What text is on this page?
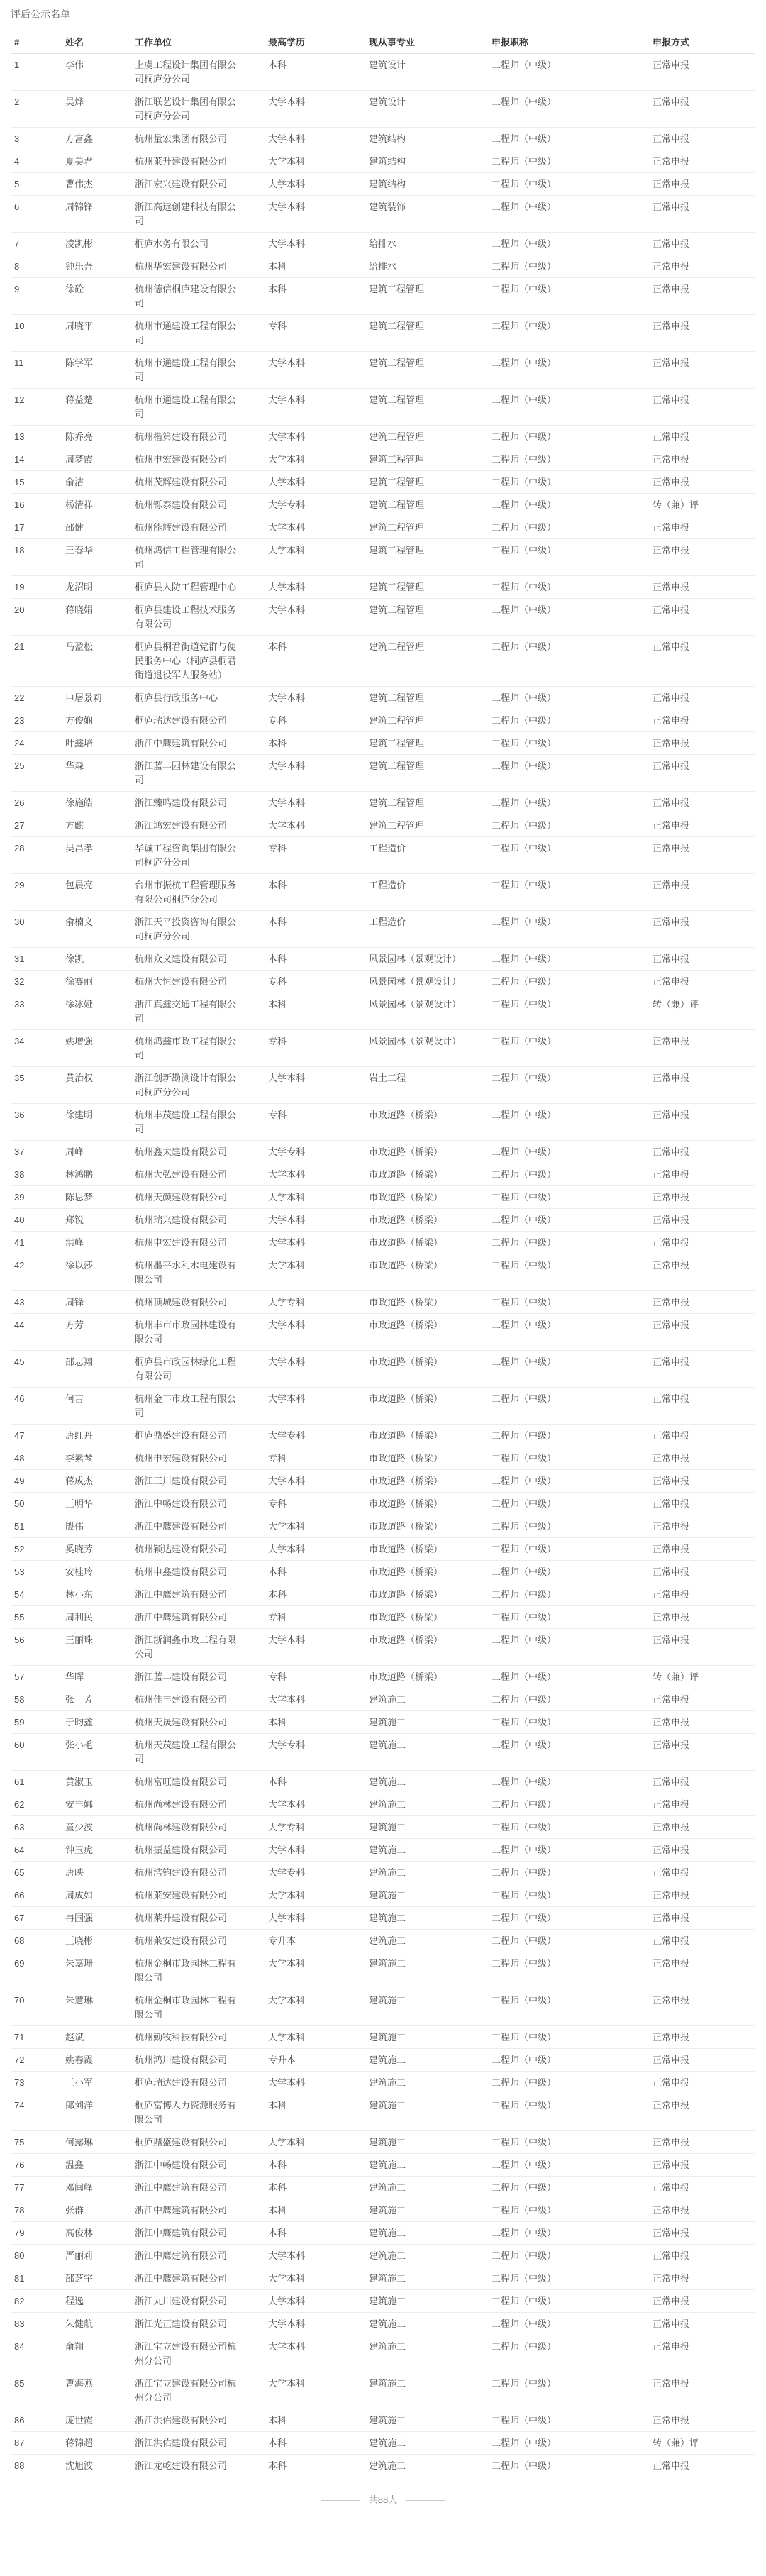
评后公示名单
#	姓名	工作单位	最高学历	现从事专业	申报职称	申报方式
1	李伟	上虞工程设计集团有限公司桐庐分公司	本科	建筑设计	工程师（中级）	正常申报
2	吴烨	浙江联艺设计集团有限公司桐庐分公司	大学本科	建筑设计	工程师（中级）	正常申报
3	方富鑫	杭州量宏集团有限公司	大学本科	建筑结构	工程师（中级）	正常申报
4	夏美君	杭州莱升建设有限公司	大学本科	建筑结构	工程师（中级）	正常申报
5	曹伟杰	浙江宏兴建设有限公司	大学本科	建筑结构	工程师（中级）	正常申报
6	周锦锋	浙江高远创建科技有限公司	大学本科	建筑装饰	工程师（中级）	正常申报
7	凌凯彬	桐庐水务有限公司	大学本科	给排水	工程师（中级）	正常申报
8	钟乐吾	杭州华宏建设有限公司	本科	给排水	工程师（中级）	正常申报
9	徐砼	杭州德信桐庐建设有限公司	本科	建筑工程管理	工程师（中级）	正常申报
10	周晓平	杭州市通建设工程有限公司	专科	建筑工程管理	工程师（中级）	正常申报
11	陈学军	杭州市通建设工程有限公司	大学本科	建筑工程管理	工程师（中级）	正常申报
12	蒋益楚	杭州市通建设工程有限公司	大学本科	建筑工程管理	工程师（中级）	正常申报
13	陈乔亮	杭州楷第建设有限公司	大学本科	建筑工程管理	工程师（中级）	正常申报
14	周梦霞	杭州申宏建设有限公司	大学本科	建筑工程管理	工程师（中级）	正常申报
15	俞洁	杭州茂辉建设有限公司	大学本科	建筑工程管理	工程师（中级）	正常申报
16	杨清祥	杭州铄泰建设有限公司	大学专科	建筑工程管理	工程师（中级）	转（兼）评
17	邵健	杭州能辉建设有限公司	大学本科	建筑工程管理	工程师（中级）	正常申报
18	王春华	杭州鸿信工程管理有限公司	大学本科	建筑工程管理	工程师（中级）	正常申报
19	龙沼明	桐庐县人防工程管理中心	大学本科	建筑工程管理	工程师（中级）	正常申报
20	蒋晓娟	桐庐县建设工程技术服务有限公司	大学本科	建筑工程管理	工程师（中级）	正常申报
21	马盈松	桐庐县桐君街道党群与便民服务中心（桐庐县桐君街道退役军人服务站）	本科	建筑工程管理	工程师（中级）	正常申报
22	申屠景莉	桐庐县行政服务中心	大学本科	建筑工程管理	工程师（中级）	正常申报
23	方俊娴	桐庐瑞达建设有限公司	专科	建筑工程管理	工程师（中级）	正常申报
24	叶鑫培	浙江中鹰建筑有限公司	本科	建筑工程管理	工程师（中级）	正常申报
25	华森	浙江蓝丰园林建设有限公司	大学本科	建筑工程管理	工程师（中级）	正常申报
26	徐施皓	浙江臻鸣建设有限公司	大学本科	建筑工程管理	工程师（中级）	正常申报
27	方麒	浙江鸿宏建设有限公司	大学本科	建筑工程管理	工程师（中级）	正常申报
28	吴昌孝	华诚工程咨询集团有限公司桐庐分公司	专科	工程造价	工程师（中级）	正常申报
29	包晨亮	台州市振杭工程管理服务有限公司桐庐分公司	本科	工程造价	工程师（中级）	正常申报
30	俞楠文	浙江天平投资咨询有限公司桐庐分公司	本科	工程造价	工程师（中级）	正常申报
31	徐凯	杭州众义建设有限公司	本科	风景园林（景观设计）	工程师（中级）	正常申报
32	徐赛丽	杭州大恒建设有限公司	专科	风景园林（景观设计）	工程师（中级）	正常申报
33	徐冰娅	浙江真鑫交通工程有限公司	本科	风景园林（景观设计）	工程师（中级）	转（兼）评
34	姚增强	杭州鸿鑫市政工程有限公司	专科	风景园林（景观设计）	工程师（中级）	正常申报
35	黄治权	浙江创新勘测设计有限公司桐庐分公司	大学本科	岩土工程	工程师（中级）	正常申报
36	徐建明	杭州丰茂建设工程有限公司	专科	市政道路（桥梁）	工程师（中级）	正常申报
37	周峰	杭州鑫太建设有限公司	大学专科	市政道路（桥梁）	工程师（中级）	正常申报
38	林鸿鹏	杭州大弘建设有限公司	大学本科	市政道路（桥梁）	工程师（中级）	正常申报
39	陈思梦	杭州天颜建设有限公司	大学本科	市政道路（桥梁）	工程师（中级）	正常申报
40	郑锐	杭州瑞兴建设有限公司	大学本科	市政道路（桥梁）	工程师（中级）	正常申报
41	洪峰	杭州申宏建设有限公司	大学本科	市政道路（桥梁）	工程师（中级）	正常申报
42	徐以莎	杭州墨平水利水电建设有限公司	大学本科	市政道路（桥梁）	工程师（中级）	正常申报
43	周锋	杭州顶城建设有限公司	大学专科	市政道路（桥梁）	工程师（中级）	正常申报
44	方芳	杭州丰市市政园林建设有限公司	大学本科	市政道路（桥梁）	工程师（中级）	正常申报
45	邵志翔	桐庐县市政园林绿化工程有限公司	大学本科	市政道路（桥梁）	工程师（中级）	正常申报
46	何吉	杭州金丰市政工程有限公司	大学本科	市政道路（桥梁）	工程师（中级）	正常申报
47	唐红丹	桐庐鼎盛建设有限公司	大学专科	市政道路（桥梁）	工程师（中级）	正常申报
48	李素琴	杭州申宏建设有限公司	专科	市政道路（桥梁）	工程师（中级）	正常申报
49	蒋成杰	浙江三川建设有限公司	大学本科	市政道路（桥梁）	工程师（中级）	正常申报
50	王明华	浙江中畅建设有限公司	专科	市政道路（桥梁）	工程师（中级）	正常申报
51	殷伟	浙江中鹰建设有限公司	大学本科	市政道路（桥梁）	工程师（中级）	正常申报
52	奚晓芳	杭州颖达建设有限公司	大学本科	市政道路（桥梁）	工程师（中级）	正常申报
53	安桂玲	杭州申鑫建设有限公司	本科	市政道路（桥梁）	工程师（中级）	正常申报
54	林小东	浙江中鹰建筑有限公司	本科	市政道路（桥梁）	工程师（中级）	正常申报
55	周利民	浙江中鹰建筑有限公司	专科	市政道路（桥梁）	工程师（中级）	正常申报
56	王丽珠	浙江浙润鑫市政工程有限公司	大学本科	市政道路（桥梁）	工程师（中级）	正常申报
57	华晖	浙江蓝丰建设有限公司	专科	市政道路（桥梁）	工程师（中级）	转（兼）评
58	张士芳	杭州佳丰建设有限公司	大学本科	建筑施工	工程师（中级）	正常申报
59	于昀鑫	杭州天晟建设有限公司	本科	建筑施工	工程师（中级）	正常申报
60	张小毛	杭州天茂建设工程有限公司	大学专科	建筑施工	工程师（中级）	正常申报
61	黄淑玉	杭州富旺建设有限公司	本科	建筑施工	工程师（中级）	正常申报
62	安丰娜	杭州尚林建设有限公司	大学本科	建筑施工	工程师（中级）	正常申报
63	童少波	杭州尚林建设有限公司	大学专科	建筑施工	工程师（中级）	正常申报
64	钟玉虎	杭州振益建设有限公司	大学本科	建筑施工	工程师（中级）	正常申报
65	唐映	杭州浩钧建设有限公司	大学专科	建筑施工	工程师（中级）	正常申报
66	周成如	杭州莱安建设有限公司	大学本科	建筑施工	工程师（中级）	正常申报
67	冉国强	杭州莱升建设有限公司	大学本科	建筑施工	工程师（中级）	正常申报
68	王晓彬	杭州莱安建设有限公司	专升本	建筑施工	工程师（中级）	正常申报
69	朱嘉珊	杭州金桐市政园林工程有限公司	大学本科	建筑施工	工程师（中级）	正常申报
70	朱慧琳	杭州金桐市政园林工程有限公司	大学本科	建筑施工	工程师（中级）	正常申报
71	赵斌	杭州勤牧科技有限公司	大学本科	建筑施工	工程师（中级）	正常申报
72	姚春霞	杭州鸿川建设有限公司	专升本	建筑施工	工程师（中级）	正常申报
73	王小军	桐庐瑞达建设有限公司	大学本科	建筑施工	工程师（中级）	正常申报
74	郎刘洋	桐庐富博人力资源服务有限公司	本科	建筑施工	工程师（中级）	正常申报
75	何露琳	桐庐鼎盛建设有限公司	大学本科	建筑施工	工程师（中级）	正常申报
76	温鑫	浙江中畅建设有限公司	本科	建筑施工	工程师（中级）	正常申报
77	邓闽峰	浙江中鹰建筑有限公司	本科	建筑施工	工程师（中级）	正常申报
78	张群	浙江中鹰建筑有限公司	本科	建筑施工	工程师（中级）	正常申报
79	高俊林	浙江中鹰建筑有限公司	本科	建筑施工	工程师（中级）	正常申报
80	严丽莉	浙江中鹰建筑有限公司	大学本科	建筑施工	工程师（中级）	正常申报
81	邵芝宇	浙江中鹰建筑有限公司	大学本科	建筑施工	工程师（中级）	正常申报
82	程逸	浙江丸川建设有限公司	大学本科	建筑施工	工程师（中级）	正常申报
83	朱健航	浙江光正建设有限公司	大学本科	建筑施工	工程师（中级）	正常申报
84	俞翔	浙江宝立建设有限公司杭州分公司	大学本科	建筑施工	工程师（中级）	正常申报
85	曹海燕	浙江宝立建设有限公司杭州分公司	大学本科	建筑施工	工程师（中级）	正常申报
86	庞世霞	浙江洪佑建设有限公司	本科	建筑施工	工程师（中级）	正常申报
87	蒋锦超	浙江洪佑建设有限公司	本科	建筑施工	工程师（中级）	转（兼）评
88	沈旭波	浙江龙乾建设有限公司	本科	建筑施工	工程师（中级）	正常申报
共88人
